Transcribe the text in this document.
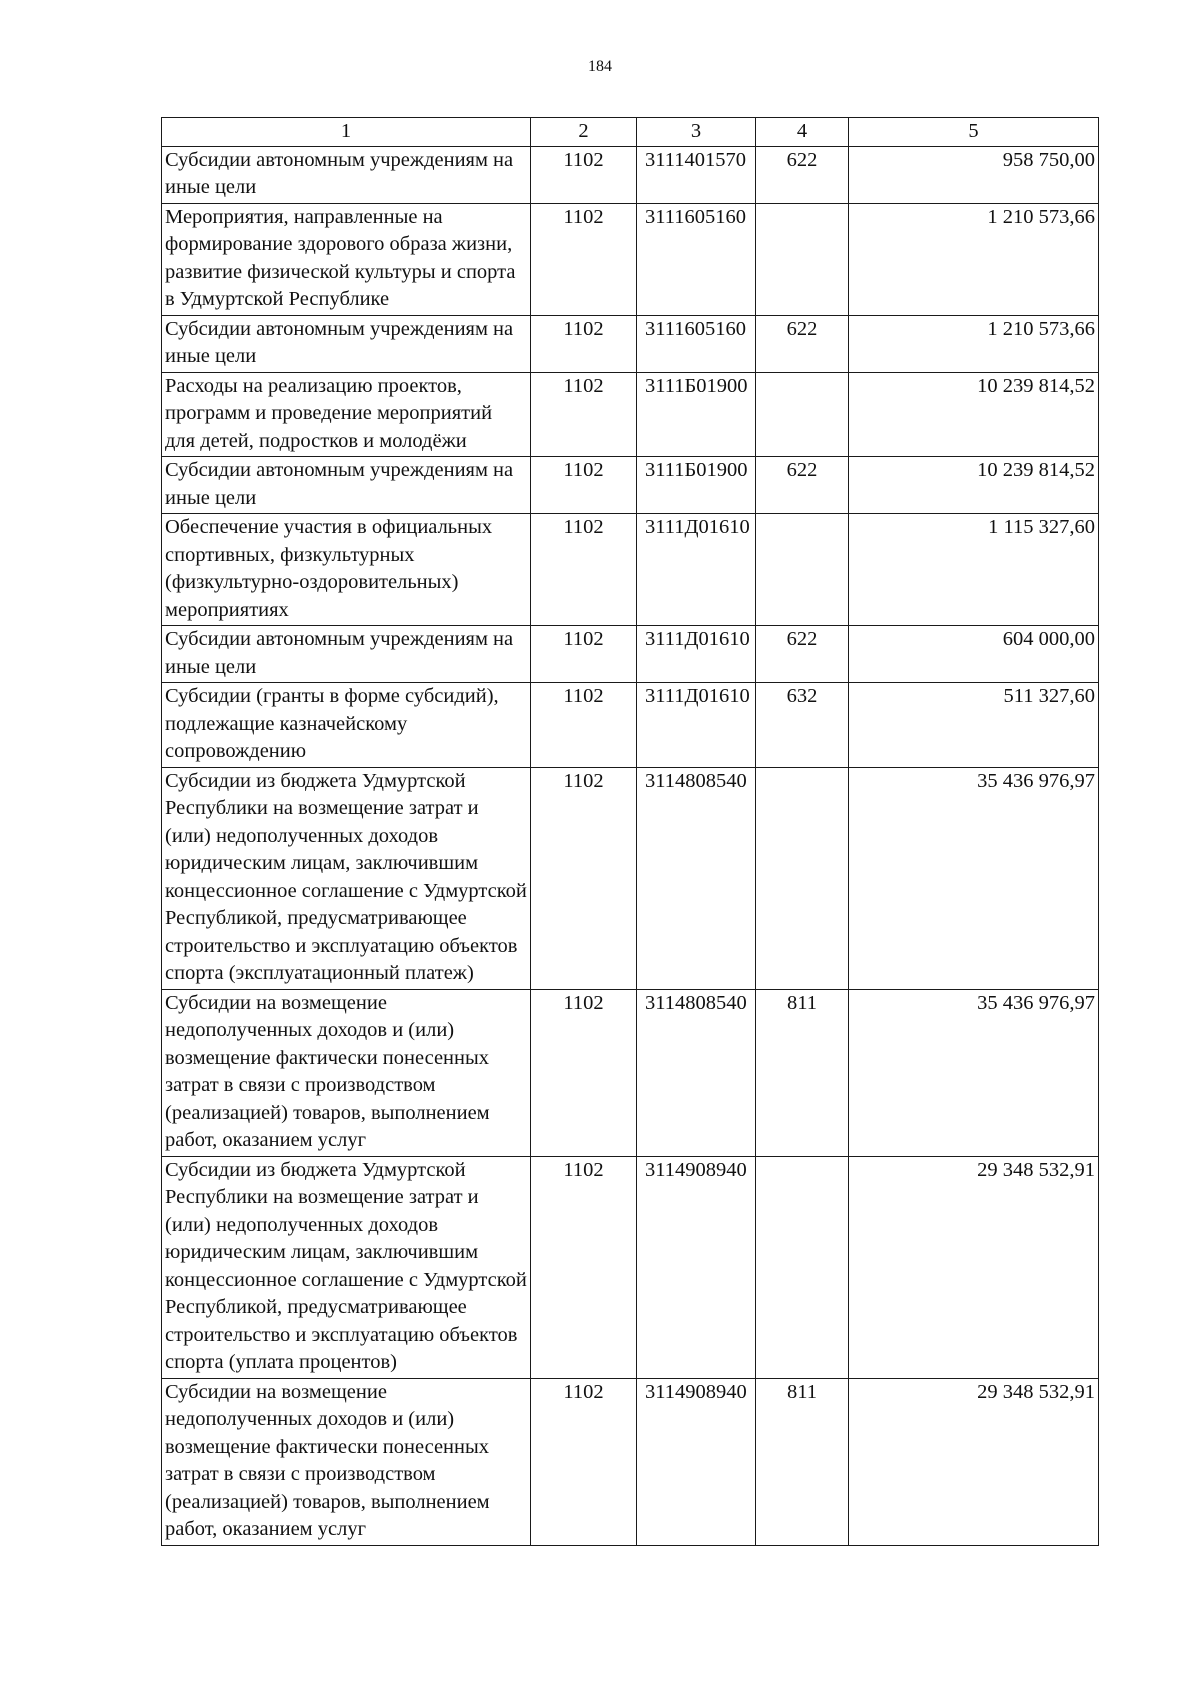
184
1	2	3	4	5
Субсидии автономным учреждениям на иные цели	1102	3111401570	622	958 750,00
Мероприятия, направленные на формирование здорового образа жизни, развитие физической культуры и спорта в Удмуртской Республике	1102	3111605160		1 210 573,66
Субсидии автономным учреждениям на иные цели	1102	3111605160	622	1 210 573,66
Расходы на реализацию проектов, программ и проведение мероприятий для детей, подростков и молодёжи	1102	3111Б01900		10 239 814,52
Субсидии автономным учреждениям на иные цели	1102	3111Б01900	622	10 239 814,52
Обеспечение участия в официальных спортивных, физкультурных (физкультурно-оздоровительных) мероприятиях	1102	3111Д01610		1 115 327,60
Субсидии автономным учреждениям на иные цели	1102	3111Д01610	622	604 000,00
Субсидии (гранты в форме субсидий), подлежащие казначейскому сопровождению	1102	3111Д01610	632	511 327,60
Субсидии из бюджета Удмуртской Республики на возмещение затрат и (или) недополученных доходов юридическим лицам, заключившим концессионное соглашение с Удмуртской Республикой, предусматривающее строительство и эксплуатацию объектов спорта (эксплуатационный платеж)	1102	3114808540		35 436 976,97
Субсидии на возмещение недополученных доходов и (или) возмещение фактически понесенных затрат в связи с производством (реализацией) товаров, выполнением работ, оказанием услуг	1102	3114808540	811	35 436 976,97
Субсидии из бюджета Удмуртской Республики на возмещение затрат и (или) недополученных доходов юридическим лицам, заключившим концессионное соглашение с Удмуртской Республикой, предусматривающее строительство и эксплуатацию объектов спорта (уплата процентов)	1102	3114908940		29 348 532,91
Субсидии на возмещение недополученных доходов и (или) возмещение фактически понесенных затрат в связи с производством (реализацией) товаров, выполнением работ, оказанием услуг	1102	3114908940	811	29 348 532,91
